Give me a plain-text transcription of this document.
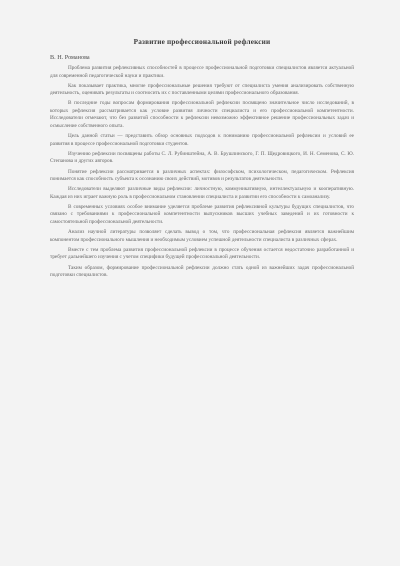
Развитие профессиональной рефлексии
В. Н. Романова

Проблема развития рефлексивных способностей в процессе профессиональной подготовки специалистов является актуальной для современной педагогической науки и практики.

Как показывает практика, многие профессиональные решения требуют от специалиста умения анализировать собственную деятельность, оценивать результаты и соотносить их с поставленными целями профессионального образования.

В последние годы вопросам формирования профессиональной рефлексии посвящено значительное число исследований, в которых рефлексия рассматривается как условие развития личности специалиста и его профессиональной компетентности. Исследователи отмечают, что без развитой способности к рефлексии невозможно эффективное решение профессиональных задач и осмысление собственного опыта.

Цель данной статьи — представить обзор основных подходов к пониманию профессиональной рефлексии и условий ее развития в процессе профессиональной подготовки студентов.

Изучению рефлексии посвящены работы С. Л. Рубинштейна, А. В. Брушлинского, Г. П. Щедровицкого, И. Н. Семенова, С. Ю. Степанова и других авторов.

Понятие рефлексии рассматривается в различных аспектах: философском, психологическом, педагогическом. Рефлексия понимается как способность субъекта к осознанию своих действий, мотивов и результатов деятельности.

Исследователи выделяют различные виды рефлексии: личностную, коммуникативную, интеллектуальную и кооперативную. Каждая из них играет важную роль в профессиональном становлении специалиста и развитии его способности к самоанализу.

В современных условиях особое внимание уделяется проблеме развития рефлексивной культуры будущих специалистов, что связано с требованиями к профессиональной компетентности выпускников высших учебных заведений и их готовности к самостоятельной профессиональной деятельности.

Анализ научной литературы позволяет сделать вывод о том, что профессиональная рефлексия является важнейшим компонентом профессионального мышления и необходимым условием успешной деятельности специалиста в различных сферах.

Вместе с тем проблема развития профессиональной рефлексии в процессе обучения остается недостаточно разработанной и требует дальнейшего изучения с учетом специфики будущей профессиональной деятельности.

Таким образом, формирование профессиональной рефлексии должно стать одной из важнейших задач профессиональной подготовки специалистов.
